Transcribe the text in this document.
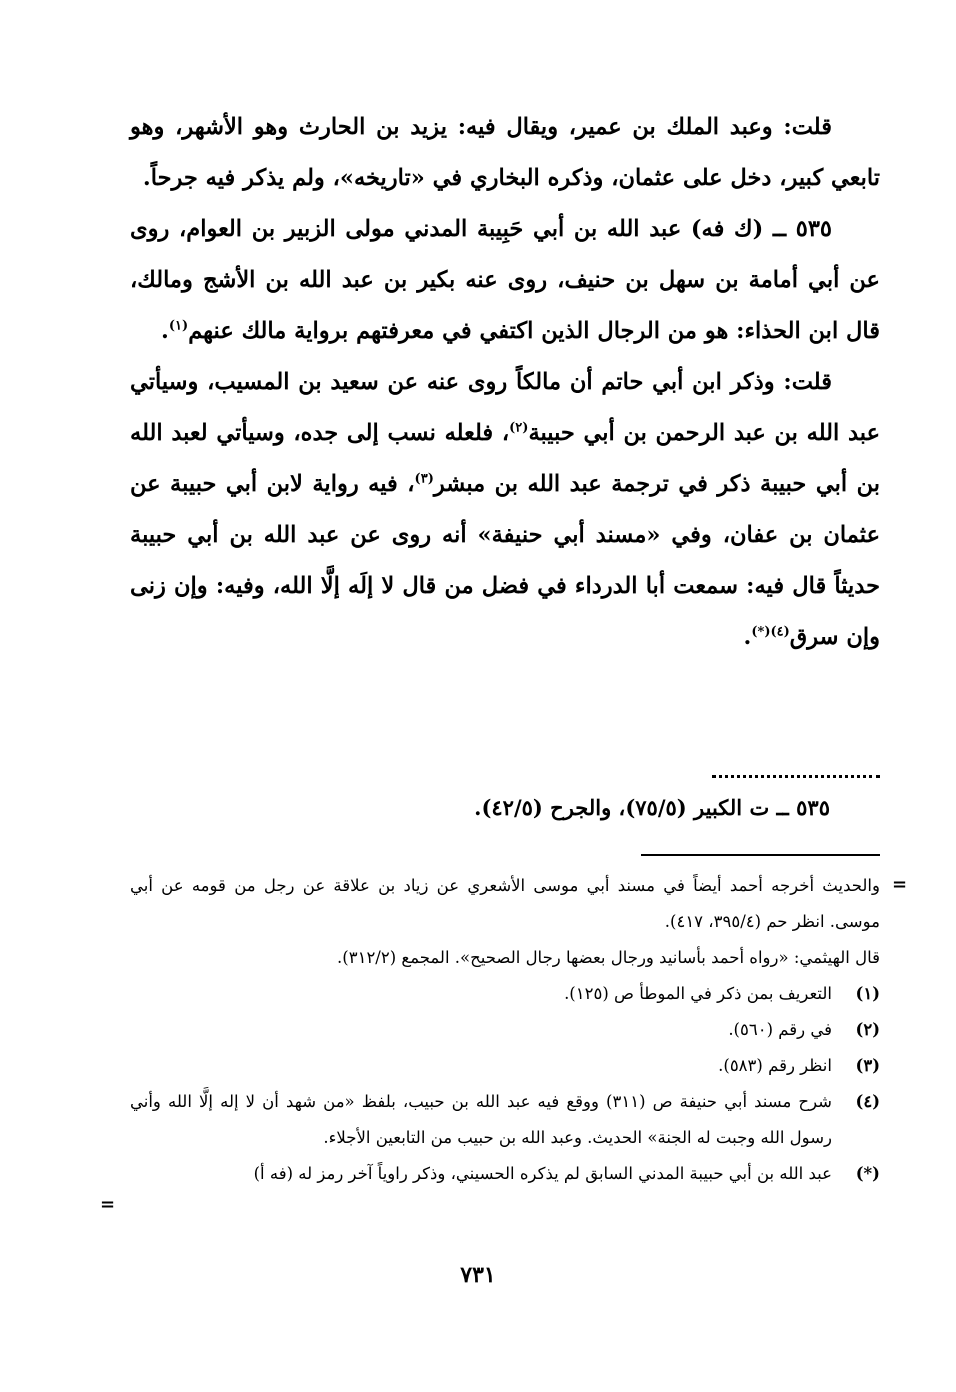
قلت: وعبد الملك بن عمير، ويقال فيه: يزيد بن الحارث وهو الأشهر، وهو تابعي كبير، دخل على عثمان، وذكره البخاري في «تاريخه»، ولم يذكر فيه جرحاً.

٥٣٥ ــ (ك فه) عبد الله بن أبي حَبِيبة المدني مولى الزبير بن العوام، روى عن أبي أمامة بن سهل بن حنيف، روى عنه بكير بن عبد الله بن الأشج ومالك، قال ابن الحذاء: هو من الرجال الذين اكتفي في معرفتهم برواية مالك عنهم$^{(١)}$.

قلت: وذكر ابن أبي حاتم أن مالكاً روى عنه عن سعيد بن المسيب، وسيأتي عبد الله بن عبد الرحمن بن أبي حبيبة$^{(٢)}$، فلعله نسب إلى جده، وسيأتي لعبد الله بن أبي حبيبة ذكر في ترجمة عبد الله بن مبشر$^{(٣)}$، فيه رواية لابن أبي حبيبة عن عثمان بن عفان، وفي «مسند أبي حنيفة» أنه روى عن عبد الله بن أبي حبيبة حديثاً قال فيه: سمعت أبا الدرداء في فضل من قال لا إلَه إلَّا الله، وفيه: وإن زنى وإن سرق$^{(٤)(*)}$.

٥٣٥ ــ ت الكبير (٧٥/٥)، والجرح (٤٢/٥).
=
والحديث أخرجه أحمد أيضاً في مسند أبي موسى الأشعري عن زياد بن علاقة عن رجل من قومه عن أبي موسى. انظر حم (٣٩٥/٤، ٤١٧).
قال الهيثمي: «رواه أحمد بأسانيد ورجال بعضها رجال الصحيح». المجمع (٣١٢/٢).
(١)
التعريف بمن ذكر في الموطأ ص (١٢٥).
(٢)
في رقم (٥٦٠).
(٣)
انظر رقم (٥٨٣).
(٤)
شرح مسند أبي حنيفة ص (٣١١) ووقع فيه عبد الله بن حبيب، بلفظ «من شهد أن لا إله إلَّا الله وأني رسول الله وجبت له الجنة» الحديث. وعبد الله بن حبيب من التابعين الأجلاء.
(*)
عبد الله بن أبي حبيبة المدني السابق لم يذكره الحسيني، وذكر راوياً آخر رمز له (فه أ)
=
٧٣١
